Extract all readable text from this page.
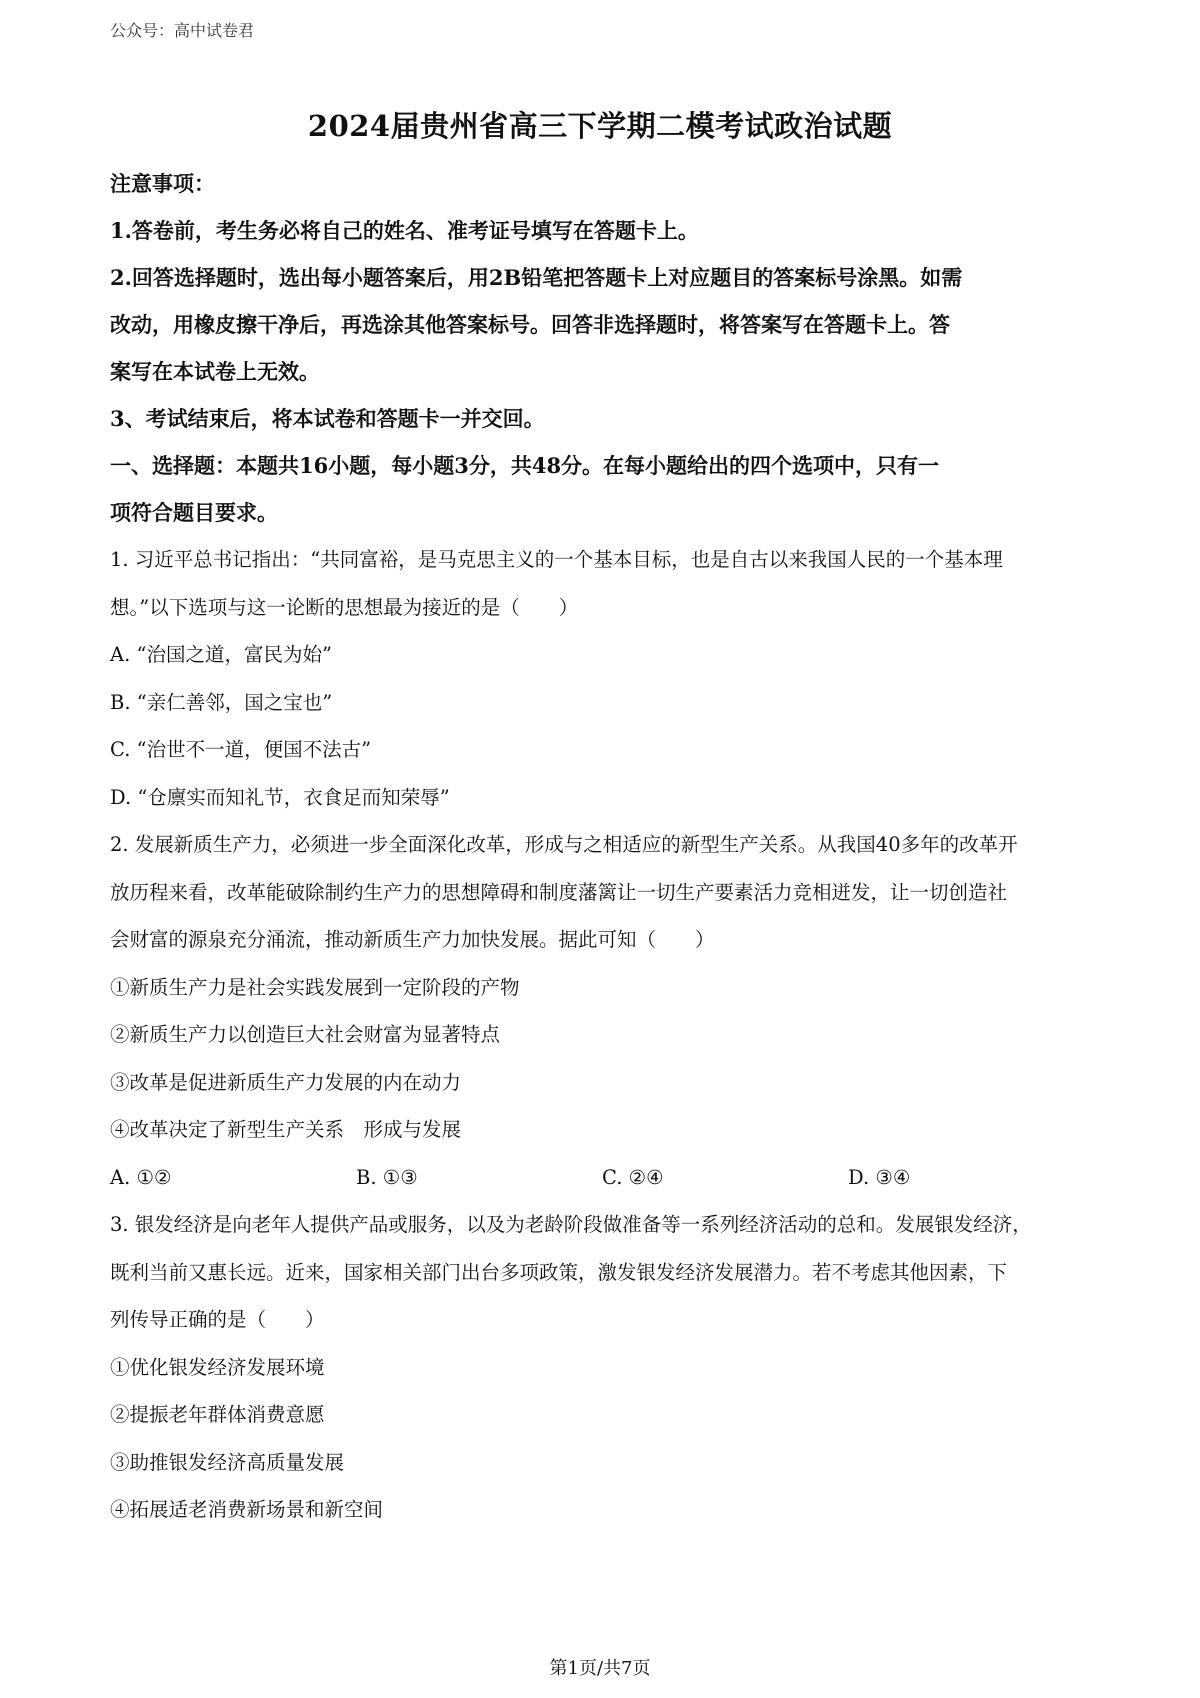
公众号：高中试卷君
2024届贵州省高三下学期二模考试政治试题
注意事项：
1.答卷前，考生务必将自己的姓名、准考证号填写在答题卡上。
2.回答选择题时，选出每小题答案后，用2B铅笔把答题卡上对应题目的答案标号涂黑。如需
改动，用橡皮擦干净后，再选涂其他答案标号。回答非选择题时，将答案写在答题卡上。答
案写在本试卷上无效。
3、考试结束后，将本试卷和答题卡一并交回。
一、选择题：本题共16小题，每小题3分，共48分。在每小题给出的四个选项中，只有一
项符合题目要求。
1. 习近平总书记指出：“共同富裕，是马克思主义的一个基本目标，也是自古以来我国人民的一个基本理
想。”以下选项与这一论断的思想最为接近的是（　　）
A. “治国之道，富民为始”
B. “亲仁善邻，国之宝也”
C. “治世不一道，便国不法古”
D. “仓廪实而知礼节，衣食足而知荣辱”
2. 发展新质生产力，必须进一步全面深化改革，形成与之相适应的新型生产关系。从我国40多年的改革开
放历程来看，改革能破除制约生产力的思想障碍和制度藩篱让一切生产要素活力竞相迸发，让一切创造社
会财富的源泉充分涌流，推动新质生产力加快发展。据此可知（　　）
①新质生产力是社会实践发展到一定阶段的产物
②新质生产力以创造巨大社会财富为显著特点
③改革是促进新质生产力发展的内在动力
④改革决定了新型生产关系　形成与发展
A. ①②	B. ①③	C. ②④	D. ③④
3. 银发经济是向老年人提供产品或服务，以及为老龄阶段做准备等一系列经济活动的总和。发展银发经济，
既利当前又惠长远。近来，国家相关部门出台多项政策，激发银发经济发展潜力。若不考虑其他因素，下
列传导正确的是（　　）
①优化银发经济发展环境
②提振老年群体消费意愿
③助推银发经济高质量发展
④拓展适老消费新场景和新空间
第1页/共7页
